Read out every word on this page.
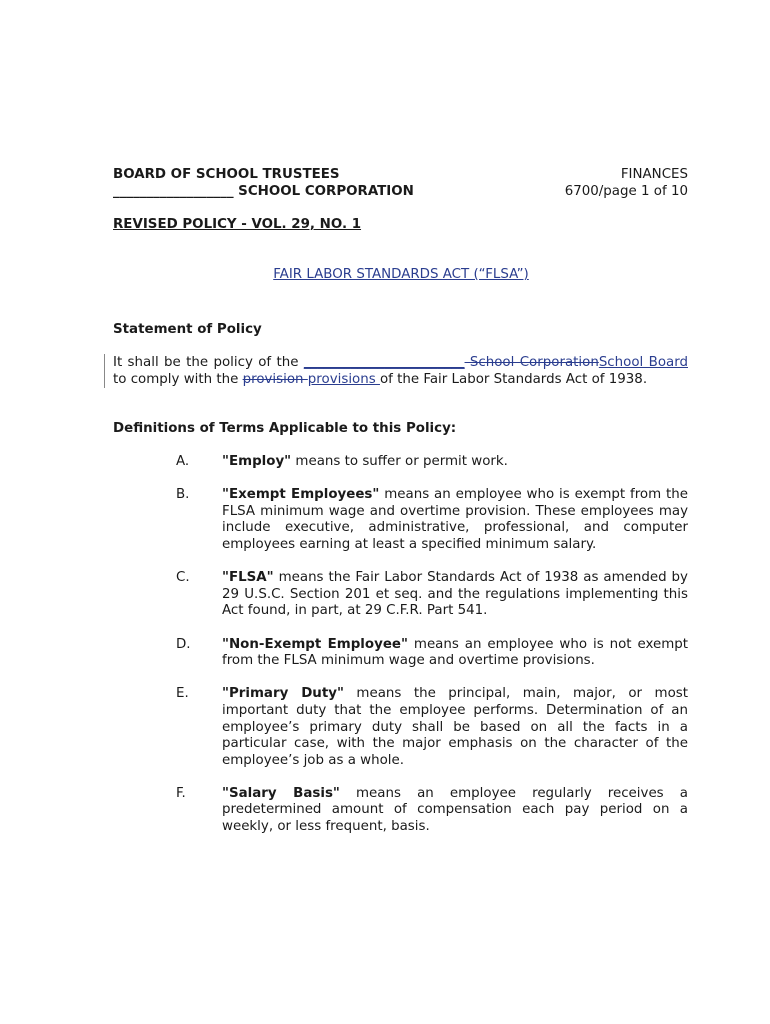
BOARD OF SCHOOL TRUSTEES
__________________ SCHOOL CORPORATION
FINANCES
6700/page 1 of 10
REVISED POLICY - VOL. 29, NO. 1
FAIR LABOR STANDARDS ACT (“FLSA”)
Statement of Policy
It shall be the policy of the ________________________ School CorporationSchool Board to comply with the provision provisions of the Fair Labor Standards Act of 1938.
Definitions of Terms Applicable to this Policy:
A.	"Employ" means to suffer or permit work.
B.	"Exempt Employees" means an employee who is exempt from the FLSA minimum wage and overtime provision. These employees may include executive, administrative, professional, and computer employees earning at least a specified minimum salary.
C.	"FLSA" means the Fair Labor Standards Act of 1938 as amended by 29 U.S.C. Section 201 et seq. and the regulations implementing this Act found, in part, at 29 C.F.R. Part 541.
D.	"Non-Exempt Employee" means an employee who is not exempt from the FLSA minimum wage and overtime provisions.
E.	"Primary Duty" means the principal, main, major, or most important duty that the employee performs. Determination of an employee’s primary duty shall be based on all the facts in a particular case, with the major emphasis on the character of the employee’s job as a whole.
F.	"Salary Basis" means an employee regularly receives a predetermined amount of compensation each pay period on a weekly, or less frequent, basis.
